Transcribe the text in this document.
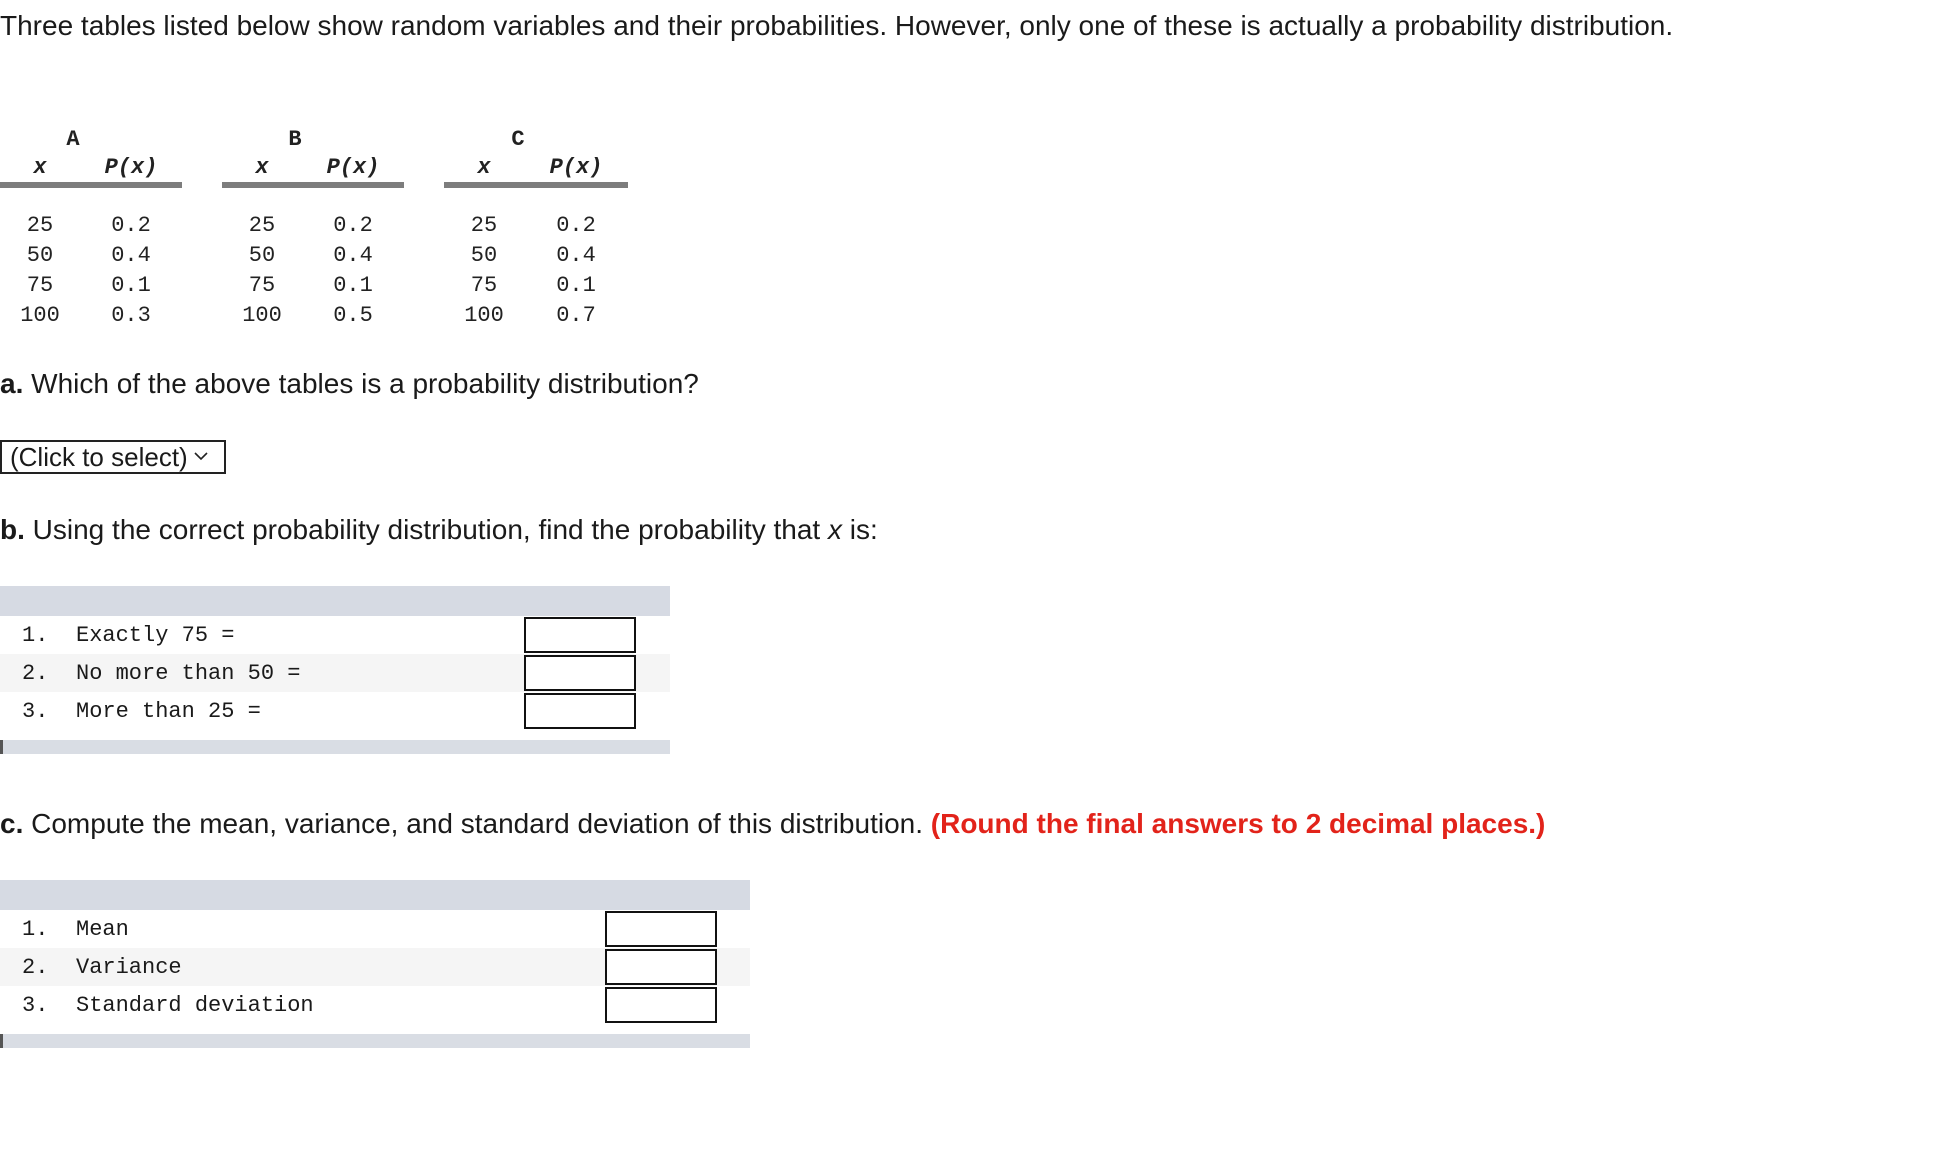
Three tables listed below show random variables and their probabilities. However, only one of these is actually a probability distribution.

A	
x	P(x)

25	0.2
50	0.4
75	0.1
100	0.3
B	
x	P(x)

25	0.2
50	0.4
75	0.1
100	0.5
C	
x	P(x)

25	0.2
50	0.4
75	0.1
100	0.7

a. Which of the above tables is a probability distribution?

(Click to select)

b. Using the correct probability distribution, find the probability that x is:

1. Exactly 75 =
2. No more than 50 =
3. More than 25 =

c. Compute the mean, variance, and standard deviation of this distribution. (Round the final answers to 2 decimal places.)

1. Mean
2. Variance
3. Standard deviation
